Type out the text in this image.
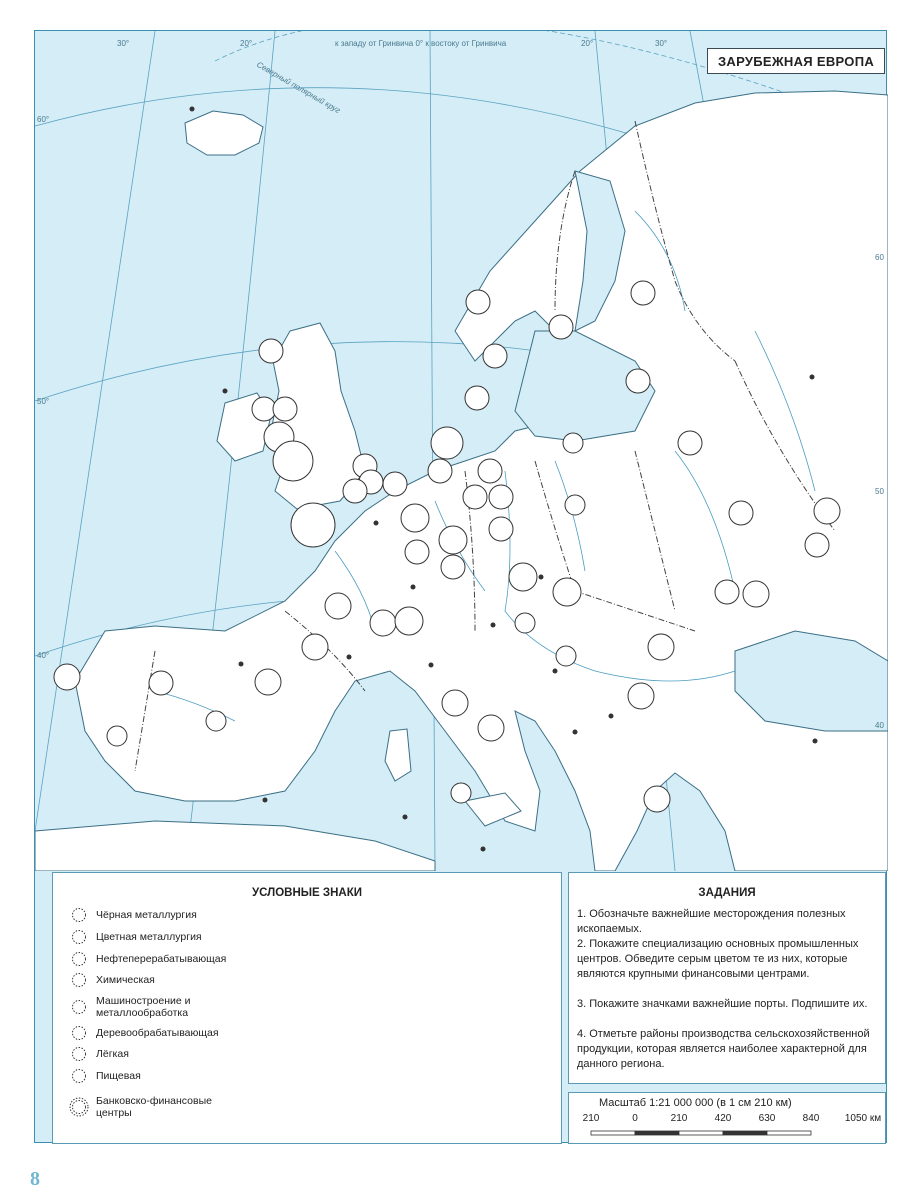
30°	20°	к западу от Гринвича 0° к востоку от Гринвича	20°	30°
60°
50°
40°
60
50
40
Северный полярный круг	ЗАРУБЕЖНАЯ ЕВРОПА
УСЛОВНЫЕ ЗНАКИ
Чёрная металлургия
Цветная металлургия
Нефтеперерабатывающая
Химическая
Машиностроение и металлообработка
Деревообрабатывающая
Лёгкая
Пищевая
Банковско-финансовые центры
ЗАДАНИЯ
1. Обозначьте важнейшие месторождения полезных ископаемых.
2. Покажите специализацию основных промышленных центров. Обведите серым цветом те из них, которые являются крупными финансовыми центрами.
3. Покажите значками важнейшие порты. Подпишите их.
4. Отметьте районы производства сельскохозяйственной продукции, которая является наиболее характерной для данного региона.
Масштаб 1:21 000 000 (в 1 см 210 км)
210	0	210	420	630	840	1050 км
8
